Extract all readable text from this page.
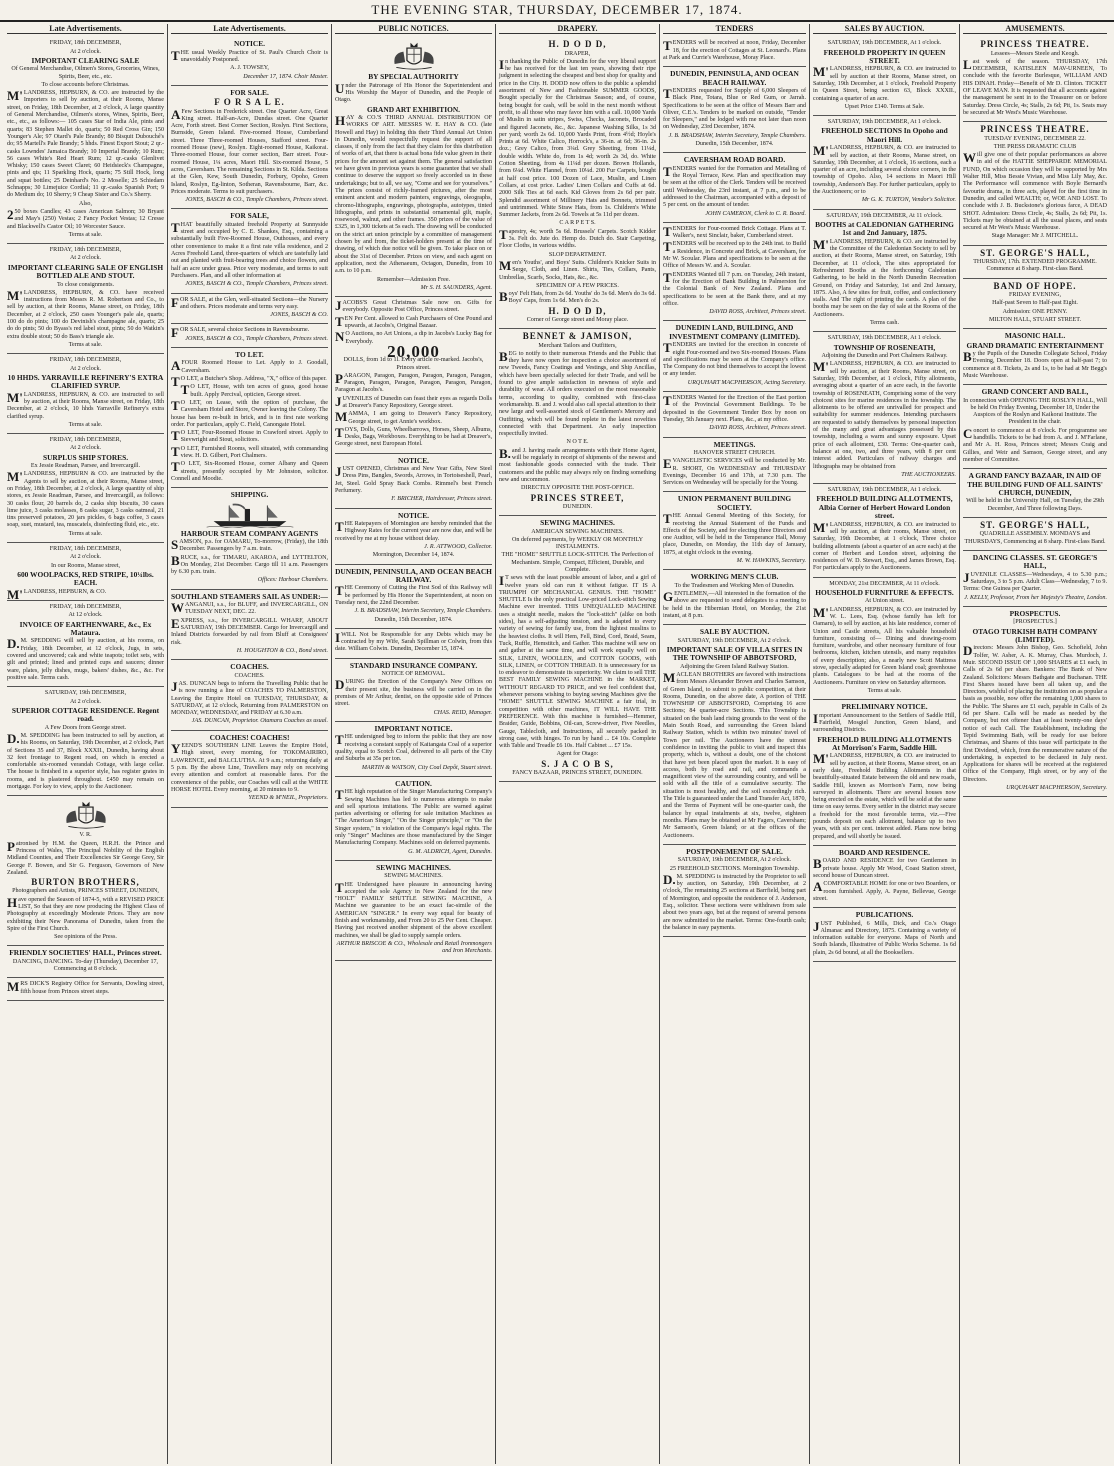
THE EVENING STAR, THURSDAY, DECEMBER 17, 1874.
Late Advertisements.
FRIDAY, 18th DECEMBER,
At 2 o'clock.
IMPORTANT CLEARING SALE
Of General Merchandise, Oilmen's Stores, Groceries, Wines, Spirits, Beer, etc., etc.
To close accounts before Christmas.

M'LANDRESS, HEPBURN, & CO. are instructed by the Importers to sell by auction, at their Rooms, Manse street, on Friday, 18th December, at 2 o'clock, A large quantity of General Merchandise, Oilmen's stores, Wines, Spirits, Beer, etc., etc., as follows:— 105 cases Star of India Ale, pints and quarts; 83 Stephen Mallet do, quarts; 50 Red Cross Gin; 150 Younger's Ale; 97 Otard's Pale Brandy; 80 Bisquit Dubouché's do; 95 Martell's Pale Brandy; 5 hhds. Finest Export Stout; 2 qr.-casks Lowndes' Jamaica Brandy; 10 Imperial Brandy; 10 Rum; 56 cases White's Red Heart Rum; 12 qr.-casks Glenlivet Whisky; 150 cases Sweet Claret; 60 Heidsieck's Champagne, pints and qts; 11 Sparkling Hock, quarts; 75 Still Hock, long and squat bottles; 25 Deinhard's No. 2 Moselle; 25 Schiedam Schnapps; 30 Limejuice Cordial; 11 qr.-casks Spanish Port; 9 do Medium do; 10 Sherry; 9 Cheap Sister and Co.'s Sherry.

Also,

250 boxes Candles; 43 cases American Salmon; 30 Bryant and May's (250) Vestas; 2 Fancy Pocket Vestas; 12 Cresse and Blackwell's Castor Oil; 10 Worcester Sauce.

Terms at sale.
FRIDAY, 18th DECEMBER,
At 2 o'clock.
IMPORTANT CLEARING SALE OF ENGLISH BOTTLED ALE AND STOUT.
To close consignments.

M'LANDRESS, HEPBURN, & CO. have received instructions from Messrs R. M. Robertson and Co., to sell by auction, at their Rooms, Manse street, on Friday, 18th December, at 2 o'clock, 250 cases Younger's pale ale, quarts; 100 do do pints; 100 do Devinish's champagne ale, quarts; 25 do do pints; 50 do Byass's red label stout, pints; 50 do Watkin's extra double stout; 50 do Bass's triangle ale.

Terms at sale.
FRIDAY, 18th DECEMBER,
At 2 o'clock.
10 HHDS. YARRAVILLE REFINERY'S EXTRA CLARIFIED SYRUP.

M'LANDRESS, HEPBURN, & CO. are instructed to sell by auction, at their Rooms, Manse street, on Friday, 18th December, at 2 o'clock, 10 hhds Yarraville Refinery's extra clarified syrup.

Terms at sale.
FRIDAY, 18th DECEMBER,
At 2 o'clock.
SURPLUS SHIP STORES.
Ex Jessie Readman, Parsee, and Invercargill.

M'LANDRESS, HEPBURN & CO. are instructed by the Agents to sell by auction, at their Rooms, Manse street, on Friday, 18th December, at 2 o'clock, A large quantity of ship stores, ex Jessie Readman, Parsee, and Invercargill, as follows: 30 casks flour, 20 barrels do, 2 casks ship biscuits, 30 cases lime juice, 3 casks molasses, 8 casks sugar, 3 casks oatmeal, 21 tins preserved potatoes, 20 jars pickles, 6 bags coffee, 3 cases soap, suet, mustard, tea, muscatels, disinfecting fluid, etc., etc.

Terms at sale.
FRIDAY, 18th DECEMBER,
At 2 o'clock.
In our Rooms, Manse street,
600 WOOLPACKS, RED STRIPE, 10¼lbs. EACH.

M'LANDRESS, HEPBURN, & CO.

FRIDAY, 18th DECEMBER,
At 12 o'clock.
INVOICE OF EARTHENWARE, &c., Ex Mataura.

D.M. SPEDDING will sell by auction, at his rooms, on Friday, 18th December, at 12 o'clock, Jugs, in sets, covered and uncovered; cak and white teapots; toilet sets, with gilt and printed; lined and printed cups and saucers; dinner ware, plates, jelly dishes, mugs, bakers' dishes, &c., &c. For positive sale. Terms cash.

SATURDAY, 19th DECEMBER,
At 2 o'clock.
SUPERIOR COTTAGE RESIDENCE. Regent road.
A Few Doors from George street.

D.M. SPEDDING has been instructed to sell by auction, at his Rooms, on Saturday, 19th December, at 2 o'clock, Part of Sections 35 and 37, Block XXXII., Dunedin, having about 32 feet frontage to Regent road, on which is erected a comfortable six-roomed verandah Cottage, with large cellar. The house is finished in a superior style, has register grates in rooms, and is plastered throughout. £450 may remain on mortgage. For key to view, apply to the Auctioneer.

V. R.

Patronised by H.M. the Queen, H.R.H. the Prince and Princess of Wales, The Principal Nobility of the English Midland Counties, and Their Excellencies Sir George Grey, Sir George F. Bowen, and Sir G. Ferguson, Governors of New Zealand.

BURTON BROTHERS,
Photographers and Artists, PRINCES STREET, DUNEDIN,

Have opened the Season of 1874-5, with a REVISED PRICE LIST, So that they are now producing the Highest Class of Photography at exceedingly Moderate Prices. They are now exhibiting their New Panorama of Dunedin, taken from the Spire of the First Church.

See opinions of the Press.
FRIENDLY SOCIETIES' HALL, Princes street.
DANCING, DANCING. To-day (Thursday), December 17, Commencing at 8 o'clock.

MRS DICK'S Registry Office for Servants, Dowling street, fifth house from Princes street steps.

Late Advertisements.
NOTICE.

THE usual Weekly Practice of St. Paul's Church Choir is unavoidably Postponed.

A. J. TOWSEY,
December 17, 1874. Choir Master.
FOR SALE.
F O R S A L E.

AFew Sections in Frederick street. One Quarter Acre, Great King street. Half-an-Acre, Dundas street. One Quarter Acre, Forth street. Best Corner Section, Roslyn. First Sections, Burnside, Green Island. Five-roomed House, Cumberland street. Three Three-roomed Houses, Stafford street. Four-roomed House (new), Roslyn. Eight-roomed House, Kaikorai. Three-roomed House, four corner section, Barr street. Four-roomed House, 1¼ acres, Maori Hill. Six-roomed House, 5 acres, Caversham. The remaining Sections in St. Kilda. Sections at the Glen, Kew, South Dunedin, Forbury, Opoho, Green Island, Roslyn, Eg-linton, Sotheran, Ravensbourne, Barr, &c. Prices moderate. Terms to suit purchasers.

JONES, BASCH & CO., Temple Chambers, Princes street.
FOR SALE,

THAT beautifully situated freehold Property at Sunnyside street and occupied by C. E. Shankes, Esq., containing a substantially built Five-Roomed House, Outhouses, and every other convenience to make it a first rate villa residence, and 2 Acres Freehold Land, three-quarters of which are tastefully laid out and planted with fruit-bearing trees and choice flowers, and half an acre under grass. Price very moderate, and terms to suit Purchasers. Plan, and all other information at

JONES, BASCH & CO., Temple Chambers, Princes street.

FOR SALE, at the Glen, well-situated Sections—the Nursery and others. Prices moderate and terms very easy.

JONES, BASCH & CO.

FOR SALE, several choice Sections in Ravensbourne.

JONES, BASCH & CO., Temple Chambers, Princes street.
TO LET.

AFOUR Roomed House to Let. Apply to J. Goodall, Caversham.

TO LET, a Butcher's Shop. Address, "X," office of this paper.

TO LET, House, with ten acres of grass, good house built. Apply Percival, opticien, George street.

TO LET, on Lease, with the option of purchase, the Caversham Hotel and Store, Owner leaving the Colony. The house has been re-built in brick, and is in first rate working order. For particulars, apply C. Field, Canongate Hotel.

TO LET, Four-Roomed House in Crawford street. Apply to Sievwright and Stout, solicitors.

TO LET, Furnished Rooms, well situated, with commanding view. H. D. Gilbert, Port Chalmers.

TO LET, Six-Roomed House, corner Albany and Queen streets, presently occupied by Mr Johnston, solicitor. Connell and Moodie.

SHIPPING.
HARBOUR STEAM COMPANY AGENTS

SAMSON, p.s. for OAMARU, To-morrow, (Friday), the 18th December. Passengers by 7 a.m. train.

BRUCE, s.s., for TIMARU, AKAROA, and LYTTELTON, On Monday, 21st December. Cargo till 11 a.m. Passengers by 6.30 p.m. train.

Offices: Harbour Chambers.
SOUTHLAND STEAMERS SAIL AS UNDER:—

WANGANUI, s.s., for BLUFF, and INVERCARGILL, ON TUESDAY NEXT, DEC. 22.

EXPRESS, s.s., for INVERCARGILL WHARF, ABOUT SATURDAY, 19th DECEMBER. Cargo for Invercargill and Inland Districts forwarded by rail from Bluff at Consignees' risk.

H. HOUGHTON & CO., Bond street.
COACHES.
COACHES.

JAS. DUNCAN begs to inform the Travelling Public that he is now running a line of COACHES TO PALMERSTON, Leaving the Empire Hotel on TUESDAY, THURSDAY, & SATURDAY, at 12 o'clock, Returning from PALMERSTON on MONDAY, WEDNESDAY, and FRIDAY at 6.30 a.m.

JAS. DUNCAN, Proprietor. Otamaru Coaches as usual.
COACHES! COACHES!

YEEND'S SOUTHERN LINE Leaves the Empire Hotel, High street, every morning, for TOKOMAIRIRO, LAWRENCE, and BALCLUTHA. At 9 a.m.; returning daily at 5 p.m. By the above Line, Travellers may rely on receiving every attention and comfort at reasonable fares. For the convenience of the public, our Coaches will call at the WHITE HORSE HOTEL Every morning, at 20 minutes to 9.

YEEND & M'NEIL, Proprietors.
PUBLIC NOTICES.
BY SPECIAL AUTHORITY

Under the Patronage of His Honor the Superintendent and His Worship the Mayor of Dunedin, and the People of Otago.

GRAND ART EXHIBITION.

HAY & CO.'S THIRD ANNUAL DISTRIBUTION OF WORKS OF ART. MESSRS W. E. HAY & CO. (late Howell and Hay) in holding this their Third Annual Art Union in Dunedin, would respectfully request the support of all classes, if only from the fact that they claim for this distribution of works of art, that there is actual bona fide value given in their prices for the amount set against them. The general satisfaction we have given in previous years is some guarantee that we shall continue to deserve the support so freely accorded us in these undertakings; but to all, we say, "Come and see for yourselves." The prizes consist of richly-framed pictures, after the most eminent ancient and modern painters, engravings, oleographs, chromo-lithographs, engravings, photographs, autotypes, tinted lithographs, and prints in substantial ornamental gilt, maple, rosewood, walnut, and other frames. 350 prizes of the value of £325, in 1,300 tickets at 5s each. The drawing will be conducted on the strict art union principle by a committee of management chosen by and from, the ticket-holders present at the time of drawing, of which due notice will be given. To take place on or about the 31st of December. Prizes on view, and each agent on application, next the Athenaeum, Octagon, Dunedin, from 10 a.m. to 10 p.m.

Remember—Admission Free.
Mr S. H. SAUNDERS, Agent.

JACOBS'S Great Christmas Sale now on. Gifts for everybody. Opposite Post Office, Princes street.

TEN Per Cent. allowed to Cash Purchasers of One Pound and upwards, at Jacobs's, Original Bazaar.

NO Auctions, no Art Unions, a dip in Jacobs's Lucky Bag for Everybody.

20,000
DOLLS, from 1d to 1l. Every article re-marked. Jacobs's, Princes street.

PARAGON, Paragon, Paragon, Paragon, Paragon, Paragon, Paragon, Paragon, Paragon, Paragon, Paragon, Paragon, Paragon at Jacobs's.

JUVENILES of Dunedin can feast their eyes as regards Dolls at Dreaver's Fancy Repository, George street.

MAMMA, I am going to Dreaver's Fancy Repository, George street, to get Annie's workbox.

TOYS, Dolls, Guns, Wheelbarrows, Horses, Sheep, Albums, Desks, Bags, Workboxes. Everything to be had at Dreaver's, George street, next European Hotel.

NOTICE.

JUST OPENED, Christmas and New Year Gifts, New Steel Dress Pins, Bangles, Swords, Arrows, in Tortoiseshell, Pearl, Jet, Steel. Gold Spray Back Combs. Rimmel's best French Perfumery.

F. BRICHER, Hairdresser, Princes street.
NOTICE.

THE Ratepayers of Mornington are hereby reminded that the Highway Rates for the current year are now due, and will be received by me at my house without delay.

J. R. ATTWOOD, Collector.
Mornington, December 14, 1874.
DUNEDIN, PENINSULA, AND OCEAN BEACH RAILWAY.

THE Ceremony of Cutting the First Sod of this Railway will be performed by His Honor the Superintendent, at noon on Tuesday next, the 22nd December.

J. B. BRADSHAW, Interim Secretary, Temple Chambers.
Dunedin, 15th December, 1874.

IWILL Not be Responsible for any Debts which may be contracted by my Wife, Sarah Spillman or Colwin, from this date. William Colwin. Dunedin, December 15, 1874.

STANDARD INSURANCE COMPANY.
NOTICE OF REMOVAL.

DURING the Erection of the Company's New Offices on their present site, the business will be carried on in the premises of Mr Arthur, dentist, on the opposite side of Princes street.

CHAS. REID, Manager.
IMPORTANT NOTICE.

THE undersigned beg to inform the public that they are now receiving a constant supply of Kaitangata Coal of a superior quality, equal to Scotch Coal, delivered to all parts of the City and Suburbs at 35s per ton.

MARTIN & WATSON, City Coal Depôt, Stuart street.
CAUTION.

THE high reputation of the Singer Manufacturing Company's Sewing Machines has led to numerous attempts to make and sell spurious imitations. The Public are warned against parties advertising or offering for sale imitation Machines as "The American Singer," "On the Singer principle," or "On the Singer system," in violation of the Company's legal rights. The only "Singer" Machines are those manufactured by the Singer Manufacturing Company. Machines sold on deferred payments.

G. M. ALDRICH, Agent, Dunedin.
SEWING MACHINES.
SEWING MACHINES.

THE Undersigned have pleasure in announcing having accepted the sole Agency in New Zealand for the new "HOLT" FAMILY SHUTTLE SEWING MACHINE, A Machine we guarantee to be an exact fac-simile of the AMERICAN "SINGER." In every way equal for beauty of finish and workmanship, and From 20 to 25 Per Cent. Cheaper. Having just received another shipment of the above excellent machines, we shall be glad to supply sample orders.

ARTHUR BRISCOE & CO., Wholesale and Retail Ironmongers and Iron Merchants.
DRAPERY.
H. D O D D,
DRAPER,

In thanking the Public of Dunedin for the very liberal support he has received for the last ten years, showing their ripe judgment in selecting the cheapest and best shop for quality and price in the City. H. DODD now offers to the public a splendid assortment of New and Fashionable SUMMER GOODS, Bought specially for the Christmas Season; and, of course, being bought for cash, will be sold in the next month without profit, to all those who may favor him with a call. 10,000 Yards of Muslin in satin stripes, Swiss, Checks, Jaconets, Brocaded and figured Jaconets, &c., &c. Japanese Washing Silks, 1s 3d per yard; worth 2s 6d. 10,000 Yards Print, from 4½d; Hoyle's Prints at 6d. White Calico, Horrock's, a 36-in. at 6d; 36-in. 2s doz.; Grey Calico, from 3¼d. Grey Sheeting, from 11¼d, double width. White do, from 1s 4d; worth 2s 3d, do. White Cotton Sheeting, from 4s 11¼d per dozen. Brown Hollands, from 6¼d. White Flannel, from 10¼d. 200 Fur Carpets, bought at half cost price. 100 Dozen of Lace, Muslin, and Linen Collars, at cost price. Ladies' Linen Collars and Cuffs at 6d. 2000 Silk Ties at 6d each. Kid Gloves from 2s 6d per pair. Splendid assortment of Millinery Hats and Bonnets, trimmed and untrimmed. White Straw Hats, from 1s. Children's White Summer Jackets, from 2s 6d. Towels at 5s 11d per dozen.

C A R P E T S.

Tapestry, 4s; worth 5s 6d. Brussels' Carpets. Scotch Kidder 3s. Felt do. Jute do. Hemp do. Dutch do. Stair Carpeting, Floor Cloths, in various widths.

SLOP DEPARTMENT.

Men's Youths', and Boys' Suits. Children's Knicker Suits in Serge, Cloth, and Linen. Shirts, Ties, Collars, Pants, Umbrellas, Scarfs, Socks, Hats, &c., &c.

SPECIMEN OF A FEW PRICES.

Boys' Felt Hats, from 2s 6d. Youths' do 3s 6d. Men's do 3s 6d. Boys' Caps, from 1s 6d. Men's do 2s.

H. D O D D,
Corner of George street and Moray place.
BENNET & JAMISON,
Merchant Tailors and Outfitters,

BEG to notify to their numerous Friends and the Public that they have now open for inspection a choice assortment of new Tweeds, Fancy Coatings and Vestings, and Ship Ancillas, which have been specially selected for their Trade, and will be found to give ample satisfaction in newness of style and durability of wear. All orders executed on the most reasonable terms, according to quality, combined with first-class workmanship. B. and J. would also call special attention to their new large and well-assorted stock of Gentlemen's Mercery and Outfitting, which will be found replete in the latest novelties connected with that Department. An early inspection respectfully invited.

N O T E.

B.and J. having made arrangements with their Home Agent, will be regularly in receipt of shipments of the newest and most fashionable goods connected with the trade. Their customers and the public may always rely on finding something new and uncommon.

DIRECTLY OPPOSITE THE POST-OFFICE.
PRINCES STREET,
DUNEDIN.
SEWING MACHINES.
AMERICAN SEWING MACHINES.
On deferred payments, by WEEKLY OR MONTHLY INSTALMENTS.
THE "HOME" SHUTTLE LOCK-STITCH. The Perfection of Mechanism. Simple, Compact, Efficient, Durable, and Complete.

IT sews with the least possible amount of labor, and a girl of twelve years old can run it without fatigue. IT IS A TRIUMPH OF MECHANICAL GENIUS. THE "HOME" SHUTTLE Is the only practical Low-priced Lock-stitch Sewing Machine ever invented. THIS UNEQUALLED MACHINE uses a straight needle, makes the "lock-stitch" (alike on both sides), has a self-adjusting tension, and is adapted to every variety of sewing for family use, from the lightest muslins to the heaviest cloths. It will Hem, Fell, Bind, Cord, Braid, Seam, Tuck, Ruffle, Hemstitch, and Gather. This machine will sew on and gather at the same time, and will work equally well on SILK, LINEN, WOOLLEN, and COTTON GOODS, with SILK, LINEN, or COTTON THREAD. It is unnecessary for us to endeavor to demonstrate its superiority. We claim to sell THE BEST FAMILY SEWING MACHINE in the MARKET, WITHOUT REGARD TO PRICE, and we feel confident that, whenever persons wishing to buying sewing Machines give the "HOME" SHUTTLE SEWING MACHINE a fair trial, in competition with other machines, IT WILL HAVE THE PREFERENCE. With this machine is furnished—Hemmer, Braider, Guide, Bobbins, Oil-can, Screw-driver, Five Needles, Gauge, Tablecloth, and Instructions, all securely packed in strong case, with hinges. To run by hand ... £4 10s. Complete with Table and Treadle £6 10s. Half Cabinet ... £7 15s.

Agent for Otago:
S. J A C O B S,
FANCY BAZAAR, PRINCES STREET, DUNEDIN.
TENDERS

TENDERS will be received at noon, Friday, December 18, for the erection of Cottages at St. Leonard's. Plans at Park and Currie's Warehouse, Moray Place.

DUNEDIN, PENINSULA, AND OCEAN BEACH RAILWAY.

TENDERS requested for Supply of 6,000 Sleepers of Black Pine, Totara, Blue or Red Gum, or Jarrah. Specifications to be seen at the office of Messrs Barr and Oliver, C.E.'s. Tenders to be marked on outside, "Tender for Sleepers," and be lodged with me not later than noon on Wednesday, 23rd December, 1874.

J. B. BRADSHAW, Interim Secretary, Temple Chambers.
Dunedin, 15th December, 1874.
CAVERSHAM ROAD BOARD.

TENDERS wanted for the Formation and Metalling of the Royal Terrace, Kew. Plan and specification may be seen at the office of the Clerk. Tenders will be received until Wednesday, the 23rd instant, at 7 p.m., and to be addressed to the Chairman, accompanied with a deposit of 5 per cent. on the amount of tender.

JOHN CAMERON, Clerk to C. R. Board.

TENDERS for Four-roomed Brick Cottage. Plans at T. Walker's, next Sinclair, baker, Cumberland street.

TENDERS will be received up to the 24th inst. to Build a Residence, in Concrete and Brick, at Caversham, for Mr W. Scoular. Plans and specifications to be seen at the Office of Messrs W. and A. Scoular.

TENDERS Wanted till 7 p.m. on Tuesday, 24th instant, for the Erection of Bank Building in Palmerston for the Colonial Bank of New Zealand. Plans and specifications to be seen at the Bank there, and at my office.

DAVID ROSS, Architect, Princes street.
DUNEDIN LAND, BUILDING, AND INVESTMENT COMPANY (LIMITED).

TENDERS are invited for the erection in concrete of eight Four-roomed and two Six-roomed Houses. Plans and specifications may be seen at the Company's office. The Company do not bind themselves to accept the lowest or any tender.

URQUHART MACPHERSON, Acting Secretary.

TENDERS Wanted for the Erection of the East portion of the Provincial Government Buildings. To be deposited in the Government Tender Box by noon on Tuesday, 5th January next. Plans, &c., at my office.

DAVID ROSS, Architect, Princes street.
MEETINGS.
HANOVER STREET CHURCH.

EVANGELISTIC SERVICES will be conducted by Mr. R. SHORT, On WEDNESDAY and THURSDAY Evenings, December 16 and 17th, at 7.30 p.m. The Services on Wednesday will be specially for the Young.

UNION PERMANENT BUILDING SOCIETY.

THE Annual General Meeting of this Society, for receiving the Annual Statement of the Funds and Effects of the Society, and for electing three Directors and one Auditor, will be held in the Temperance Hall, Moray place, Dunedin, on Monday, the 11th day of January, 1875, at eight o'clock in the evening.

M. W. HAWKINS, Secretary.
WORKING MEN'S CLUB.
To the Tradesmen and Working Men of Dunedin.

GENTLEMEN,—All interested in the formation of the above are requested to send delegates to a meeting to be held in the Hibernian Hotel, on Monday, the 21st instant, at 8 p.m.

SALE BY AUCTION.
SATURDAY, 19th DECEMBER, At 2 o'clock.
IMPORTANT SALE OF VILLA SITES IN THE TOWNSHIP OF ABBOTSFORD,
Adjoining the Green Island Railway Station.

MACLEAN BROTHERS are favored with instructions from Messrs Alexander Brown and Charles Samson, of Green Island, to submit to public competition, at their Rooms, Dunedin, on the above date, A portion of THE TOWNSHIP OF ABBOTSFORD, Comprising 16 acre Sections; 84 quarter-acre Sections. This Township is situated on the bush land rising grounds to the west of the Main South Road, and surrounding the Green Island Railway Station, which is within two minutes' travel of Town per rail. The Auctioneers have the utmost confidence in inviting the public to visit and inspect this property, which is, without a doubt, one of the choicest that have yet been placed upon the market. It is easy of access, both by road and rail, and commands a magnificent view of the surrounding country, and will be sold with all the title of a cumulative security. The situation is most healthy, and the soil exceedingly rich. The Title is guaranteed under the Land Transfer Act, 1870, and the Terms of Payment will be one-quarter cash, the balance by equal instalments at six, twelve, eighteen months. Plans may be obtained at Mr Fagers, Caversham; Mr Samson's, Green Island; or at the offices of the Auctioneers.

POSTPONEMENT OF SALE.
SATURDAY, 19th DECEMBER, At 2 o'clock.
25 FREEHOLD SECTIONS. Mornington Township.

D.M. SPEDDING is instructed by the Proprietor to sell by auction, on Saturday, 19th December, at 2 o'clock, The remaining 25 sections at Barrfield, being part of Mornington, and opposite the residence of J. Anderson, Esq., solicitor. These sections were withdrawn from sale about two years ago, but at the request of several persons are now submitted to the market. Terms: One-fourth cash; the balance in easy payments.

SALES BY AUCTION.
SATURDAY, 19th DECEMBER, At 1 o'clock.
FREEHOLD PROPERTY IN QUEEN STREET.

M'LANDRESS, HEPBURN, & CO. are instructed to sell by auction at their Rooms, Manse street, on Saturday, 19th December, at 1 o'clock, Freehold Property in Queen Street, being section 63, Block XXXII., containing a quarter of an acre.

Upset Price £140. Terms at Sale.
SATURDAY, 19th DECEMBER, At 1 o'clock.
FREEHOLD SECTIONS In Opoho and Maori Hill.

M'LANDRESS, HEPBURN, & CO. are instructed to sell by auction, at their Rooms, Manse street, on Saturday, 19th December, at 1 o'clock, 16 sections, each a quarter of an acre, including several choice corners, in the township of Opoho. Also, 14 sections in Maori Hill township, Anderson's Bay. For further particulars, apply to the Auctioneers; or to

Mr G. K. TURTON, Vendor's Solicitor.
SATURDAY, 19th DECEMBER, At 11 o'clock.
BOOTHS at CALEDONIAN GATHERING 1st and 2nd January, 1875.

M'LANDRESS, HEPBURN, & CO. are instructed by the Committee of the Caledonian Society to sell by auction, at their Rooms, Manse street, on Saturday, 19th December, at 11 o'clock, The sites appropriated for Refreshment Booths at the forthcoming Caledonian Gathering, to be held in the North Dunedin Recreation Ground, on Friday and Saturday, 1st and 2nd January, 1875. Also, A few sites for fruit, coffee, and confectionery stalls. And The right of printing the cards. A plan of the booths may be seen on the day of sale at the Rooms of the Auctioneers.

Terms cash.
SATURDAY, 19th DECEMBER, At 1 o'clock.
TOWNSHIP OF ROSENEATH,
Adjoining the Dunedin and Port Chalmers Railway.

M'LANDRESS, HEPBURN, & CO. are instructed to sell by auction, at their Rooms, Manse street, on Saturday, 19th December, at 1 o'clock, Fifty allotments, averaging about a quarter of an acre each, in the favorite township of ROSENEATH, Comprising some of the very choicest sites for marine residences in the township. The allotments to be offered are unrivalled for prospect and suitability for summer residences. Intending purchasers are requested to satisfy themselves by personal inspection of the many and great advantages possessed by this township, including a warm and sunny exposure. Upset price of each allotment, £30. Terms: One-quarter cash, balance at one, two, and three years, with 8 per cent interest added. Particulars of railway charges and lithographs may be obtained from

THE AUCTIONEERS.
SATURDAY, 19th DECEMBER, At 1 o'clock.
FREEHOLD BUILDING ALLOTMENTS, Albia Corner of Herbert Howard London street.

M'LANDRESS, HEPBURN, & CO. are instructed to sell by auction, at their rooms, Manse street, on Saturday, 19th December, at 1 o'clock, Three choice building allotments (about a quarter of an acre each) at the corner of Herbert and London street, adjoining the residences of W. D. Stewart, Esq., and James Brown, Esq. For particulars apply to the Auctioneers.

MONDAY, 21st DECEMBER, At 11 o'clock.
HOUSEHOLD FURNITURE & EFFECTS.
At Union street.

M'LANDRESS, HEPBURN, & CO. are instructed by W. L. Lees, Esq. (whose family has left for Oamaru), to sell by auction, at his late residence, corner of Union and Castle streets, All his valuable household furniture, consisting of— Dining and drawing-room furniture, wardrobe, and other necessary furniture of four bedrooms, kitchen, kitchen utensils, and many requisites of every description; also, a nearly new Scott Mattress stove, specially adapted for Green Island coal; greenhouse plants. Catalogues to be had at the rooms of the Auctioneers. Furniture on view on Saturday afternoon.

Terms at sale.
PRELIMINARY NOTICE.

Important Announcement to the Settlers of Saddle Hill, Fairfield, Mosgiel Junction, Green Island, and surrounding Districts.

FREEHOLD BUILDING ALLOTMENTS At Morrison's Farm, Saddle Hill.

M'LANDRESS, HEPBURN, & CO. are instructed to sell by auction, at their Rooms, Manse street, on an early date, Freehold Building Allotments in that beautifully-situated Estate between the old and new roads, Saddle Hill, known as Morrison's Farm, now being surveyed in allotments. There are several houses now being erected on the estate, which will be sold at the same time on easy terms. Every settler in the district may secure a freehold for the most favorable terms, viz.—Five pounds deposit on each allotment, balance up to two years, with six per cent. interest added. Plans now being prepared, and will shortly be issued.

BOARD AND RESIDENCE.

BOARD AND RESIDENCE for two Gentlemen in private house. Apply Mr Wood, Coast Station street, second house of Duncan street.

ACOMFORTABLE HOME for one or two Boarders, or room furnished. Apply, A. Payne, Bellevue, George street.

PUBLICATIONS.

JUST Published, 6 Mills, Dick, and Co.'s Otago Almanac and Directory, 1875. Containing a variety of information suitable for everyone. Maps of North and South Islands, Illustrative of Public Works Scheme. 1s 6d plain, 2s 6d bound, at all the Booksellers.

AMUSEMENTS.
PRINCESS THEATRE.
Lessees—Messrs Steele and Keogh.

Last week of the season. THURSDAY, 17th DECEMBER, KATISLEEN MAV-URNEEN, To conclude with the favorite Burlesque, WILLIAM AND HIS DINAH. Friday—Benefit of Mr D. Clinton. TICKET OF LEAVE MAN. It is requested that all accounts against the management be sent in to the Treasurer on or before Saturday. Dress Circle, 4s; Stalls, 2s 6d; Pit, 1s. Seats may be secured at Mr West's Music Warehouse.

PRINCESS THEATRE.
TUESDAY EVENING, DECEMBER 22.
THE PRESS DRAMATIC CLUB

Will give one of their popular performances as above in aid of the HATTIE SHEPPARDE MEMORIAL FUND, On which occasion they will be supported by Mrs Walter Hill, Miss Bessie Vivian, and Miss Lily May, &c. The Performance will commence with Boyle Bernard's favourite drama, in three acts, played for the first time in Dunedin, and called WEALTH; or, WOE AND LOST. To conclude with J. B. Buckstone's glorious farce, A DEAD SHOT. Admission: Dress Circle, 4s; Stalls, 2s 6d; Pit, 1s. Tickets may be obtained at all the usual places, and seats secured at Mr West's Music Warehouse.

Stage Manager: Mr J. MITCHELL.
ST. GEORGE'S HALL,
THURSDAY, 17th. EXTENDED PROGRAMME. Commence at 8 sharp. First-class Band.
BAND OF HOPE.
FRIDAY EVENING,
Half-past Seven to Half-past Eight.
Admission: ONE PENNY.
MILTON HALL, STUART STREET.
MASONIC HALL.
GRAND DRAMATIC ENTERTAINMENT

By the Pupils of the Dunedin Collegiate School, Friday Evening, December 18. Doors open at half-past 7; to commence at 8. Tickets, 2s and 1s, to be had at Mr Begg's Music Warehouse.

GRAND CONCERT AND BALL,
In connection with OPENING THE ROSLYN HALL, Will be held On Friday Evening, December 18, Under the Auspices of the Roslyn and Kaikorai Institute. The President in the chair.

Concert to commence at 8 o'clock. For programme see handbills. Tickets to be had from A. and J. M'Farlane, and Mr A. H. Ross, Princes street; Messrs Craig and Gillies, and Weir and Samson, George street, and any member of Committee.

A GRAND FANCY BAZAAR, IN AID OF THE BUILDING FUND OF ALL SAINTS' CHURCH, DUNEDIN,
Will be held in the University Hall, on Tuesday, the 29th December, And Three following Days.
ST. GEORGE'S HALL,
QUADRILLE ASSEMBLY. MONDAYS and THURSDAYS, Commencing at 8 sharp. First-class Band.
DANCING CLASSES. ST. GEORGE'S HALL,

JUVENILE CLASSES—Wednesdays, 4 to 5.30 p.m.; Saturdays, 3 to 5 p.m. Adult Class—Wednesday, 7 to 9. Terms: One Guinea per Quarter.

J. KELLY, Professor, From her Majesty's Theatre, London.
PROSPECTUS.
[PROSPECTUS.]
OTAGO TURKISH BATH COMPANY (LIMITED).

Directors: Messrs John Bishop, Geo. Schofield, John Tolfer, W. Asher, A. K. Murray, Chas. Murdoch, J. Muir. SECOND ISSUE OF 1,000 SHARES at £1 each, in Calls of 2s 6d per share. Bankers: The Bank of New Zealand. Solicitors: Messrs Bathgate and Buchanan. THE First Shares issued have been all taken up, and the Directors, wishful of placing the institution on as popular a basis as possible, now offer the remaining 1,000 shares to the Public. The Shares are £1 each, payable in Calls of 2s 6d per Share. Calls will be made as needed by the Company, but not oftener than at least twenty-one days' notice of each Call. The Establishment, including the Tepid Swimming Bath, will be ready for use before Christmas, and Shares of this issue will participate in the first Dividend, which, from the remunerative nature of the undertaking, is expected to be declared in July next. Applications for shares will be received at the registered Office of the Company, High street, or by any of the Directors.

URQUHART MACPHERSON, Secretary.
